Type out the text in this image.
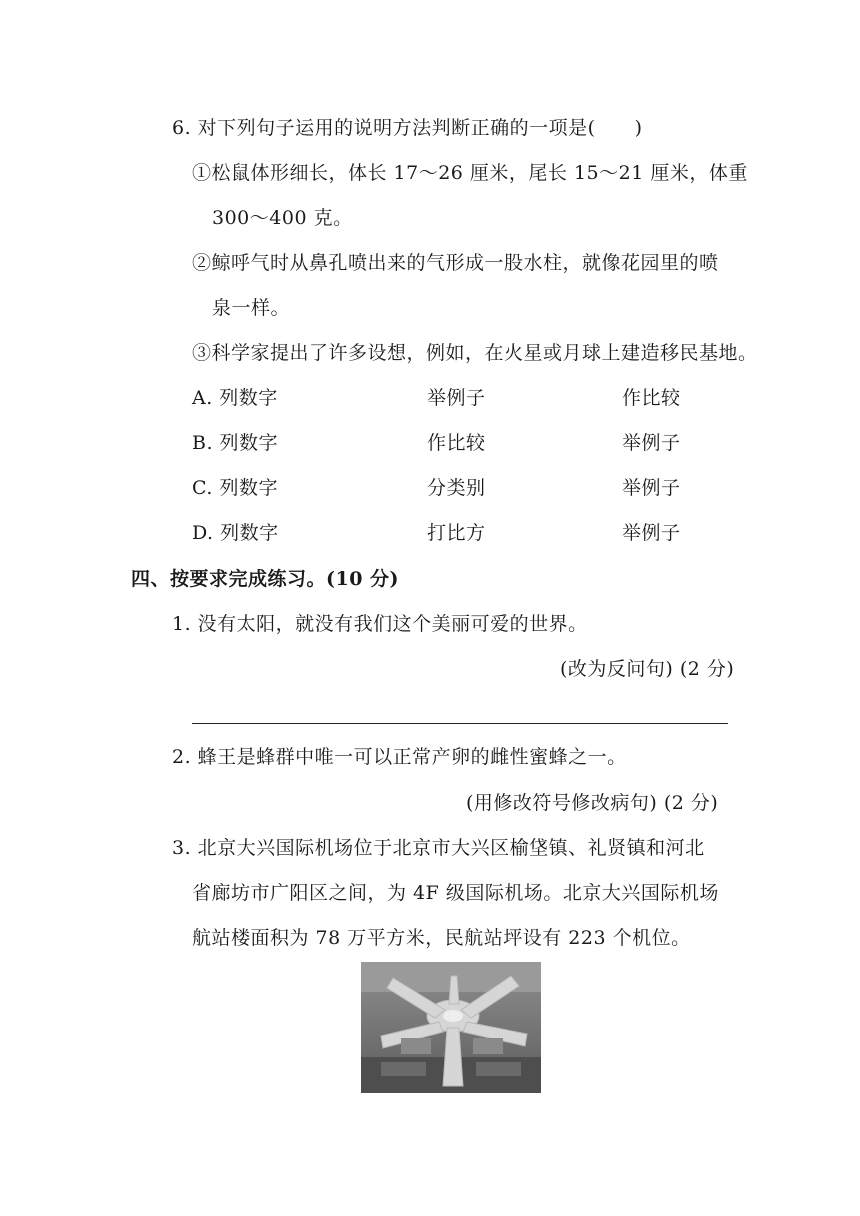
6. 对下列句子运用的说明方法判断正确的一项是(　　)
①松鼠体形细长，体长 17～26 厘米，尾长 15～21 厘米，体重
300～400 克。
②鲸呼气时从鼻孔喷出来的气形成一股水柱，就像花园里的喷
泉一样。
③科学家提出了许多设想，例如，在火星或月球上建造移民基地。
A. 列数字	举例子	作比较
B. 列数字	作比较	举例子
C. 列数字	分类别	举例子
D. 列数字	打比方	举例子
四、按要求完成练习。(10 分)
1. 没有太阳，就没有我们这个美丽可爱的世界。
(改为反问句) (2 分)
2. 蜂王是蜂群中唯一可以正常产卵的雌性蜜蜂之一。
(用修改符号修改病句) (2 分)
3. 北京大兴国际机场位于北京市大兴区榆垡镇、礼贤镇和河北
省廊坊市广阳区之间，为 4F 级国际机场。北京大兴国际机场
航站楼面积为 78 万平方米，民航站坪设有 223 个机位。
